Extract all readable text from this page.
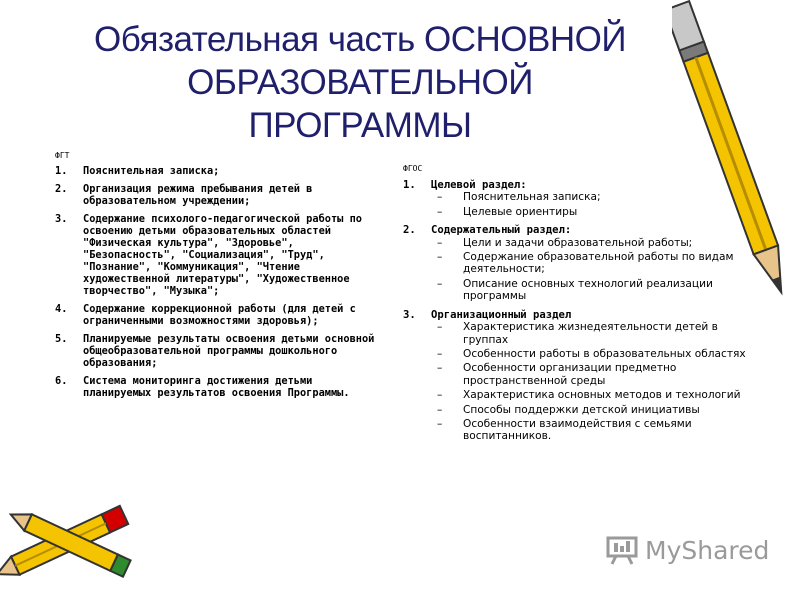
Обязательная часть ОСНОВНОЙ
ОБРАЗОВАТЕЛЬНОЙ
ПРОГРАММЫ
ФГТ
1.	Пояснительная записка;
2.	Организация режима пребывания детей в образовательном учреждении;
3.	Содержание психолого-педагогической работы по освоению детьми образовательных областей "Физическая культура", "Здоровье", "Безопасность", "Социализация", "Труд", "Познание", "Коммуникация", "Чтение художественной литературы", "Художественное творчество", "Музыка";
4.	Содержание коррекционной работы (для детей с ограниченными возможностями здоровья);
5.	Планируемые результаты освоения детьми основной общеобразовательной программы дошкольного образования;
6.	Система мониторинга достижения детьми планируемых результатов освоения Программы.
ФГОС
1.	Целевой раздел:
–	Пояснительная записка;
–	Целевые ориентиры
2.	Содержательный раздел:
–	Цели и задачи образовательной работы;
–	Содержание образовательной работы по видам деятельности;
–	Описание основных технологий реализации программы
3.	Организационный раздел
–	Характеристика жизнедеятельности детей в группах
–	Особенности работы в образовательных областях
–	Особенности организации предметно пространственной среды
–	Характеристика основных методов и технологий
–	Способы поддержки детской инициативы
–	Особенности взаимодействия с семьями воспитанников.
MyShared
